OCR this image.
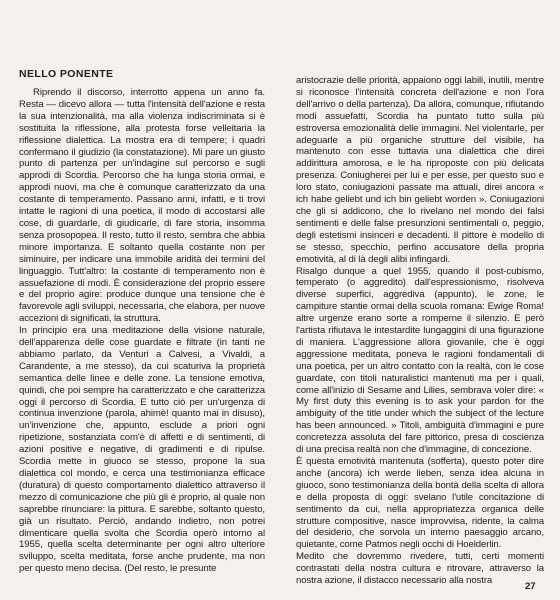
NELLO PONENTE

Riprendo il discorso, interrotto appena un anno fa. Resta — dicevo allora — tutta l'intensità dell'azione e resta la sua intenzionalità, ma alla violenza indiscriminata si è sostituita la riflessione, alla protesta forse velleitaria la riflessione dialettica. La mostra era di tempere; i quadri confermano il giudizio (la constatazione). Mi pare un giusto punto di partenza per un'indagine sul percorso e sugli approdi di Scordia. Percorso che ha lunga storia ormai, e approdi nuovi, ma che è comunque caratterizzato da una costante di temperamento. Passano anni, infatti, e ti trovi intatte le ragioni di una poetica, il modo di accostarsi alle cose, di guardarle, di giudicarle, di fare storia, insomma senza prosopopea. Il resto, tutto il resto, sembra che abbia minore importanza. E soltanto quella costante non per siminuire, per indicare una immobile aridità dei termini del linguaggio. Tutt'altro: la costante di temperamento non è assuefazione di modi. È considerazione del proprio essere e del proprio agire: produce dunque una tensione che è favorevole agli sviluppi, necessaria, che elabora, per nuove accezioni di significati, la struttura.

In principio era una meditazione della visione naturale, dell'apparenza delle cose guardate e filtrate (in tanti ne abbiamo parlato, da Venturi a Calvesi, a Vivaldi, a Carandente, a me stesso), da cui scaturiva la proprietà semantica delle linee e delle zone. La tensione emotiva, quindi, che poi sempre ha caratterizzato e che caratterizza oggi il percorso di Scordia. E tutto ciò per un'urgenza di continua invenzione (parola, ahimè! quanto mai in disuso), un'invenzione che, appunto, esclude a priori ogni ripetizione, sostanziata com'è di affetti e di sentimenti, di azioni positive e negative, di gradimenti e di ripulse. Scordia mette in giuoco se stesso, propone la sua dialettica col mondo, e cerca una testimonianza efficace (duratura) di questo comportamento dialettico attraverso il mezzo di comunicazione che più gli è proprio, al quale non saprebbe rinunciare: la pittura. E sarebbe, soltanto questo, già un risultato. Perciò, andando indietro, non potrei dimenticare quella svolta che Scordia operò intorno al 1955, quella scelta determinante per ogni altro ulteriore sviluppo, scelta meditata, forse anche prudente, ma non per questo meno decisa. (Del resto, le presunte

aristocrazie delle priorità, appaiono oggi labili, inutili, mentre si riconosce l'intensità concreta dell'azione e non l'ora dell'arrivo o della partenza). Da allora, comunque, rifiutando modi assuefatti, Scordia ha puntato tutto sulla più estroversa emozionalità delle immagini. Nel violentarle, per adeguarle a più organiche strutture del visibile, ha mantenuto con esse tuttavia una dialettica che direi addirittura amorosa, e le ha riproposte con più delicata presenza. Coniugherei per lui e per esse, per questo suo e loro stato, coniugazioni passate ma attuali, direi ancora « ich habe geliebt und ich bin geliebt worden ». Coniugazioni che gli si addicono, che lo rivelano nel mondo dei falsi sentimenti e delle false presunzioni sentimentali o, peggio, degli estetismi insinceri e decadenti. Il pittore è modello di se stesso, specchio, perfino accusatore della propria emotività, al di là degli alibi infingardi.

Risalgo dunque a quel 1955, quando il post-cubismo, temperato (o aggredito) dall'espressionismo, risolveva diverse superfici, aggrediva (appunto), le zone, le campiture stantie ormai della scuola romana: Ewige Roma! altre urgenze erano sorte a romperne il silenzio. E però l'artista rifiutava le intestardite lungaggini di una figurazione di maniera. L'aggressione allora giovanile, che è oggi aggressione meditata, poneva le ragioni fondamentali di una poetica, per un altro contatto con la realtà, con le cose guardate, con titoli naturalistici mantenuti ma per i quali, come all'inizio di Sesame and Lilies, sembrava voler dire: « My first duty this evening is to ask your pardon for the ambiguity of the title under which the subject of the lecture has been announced. » Titoli, ambiguità d'immagini e pure concretezza assoluta del fare pittorico, presa di coscienza di una precisa realtà non che d'immagine, di concezione.

È questa emotività mantenuta (sofferta), questo poter dire anche (ancora) ich werde lieben, senza idea alcuna in giuoco, sono testimonianza della bontà della scelta di allora e della proposta di oggi: svelano l'utile concitazione di sentimento da cui, nella appropriatezza organica delle strutture compositive, nasce improvvisa, ridente, la calma del desiderio, che sorvola un interno paesaggio arcano, quietante, come Patmos negli occhi di Hoelderlin.

Medito che dovremmo rivedere, tutti, certi momenti contrastati della nostra cultura e ritrovare, attraverso la nostra azione, il distacco necessario alla nostra

27
